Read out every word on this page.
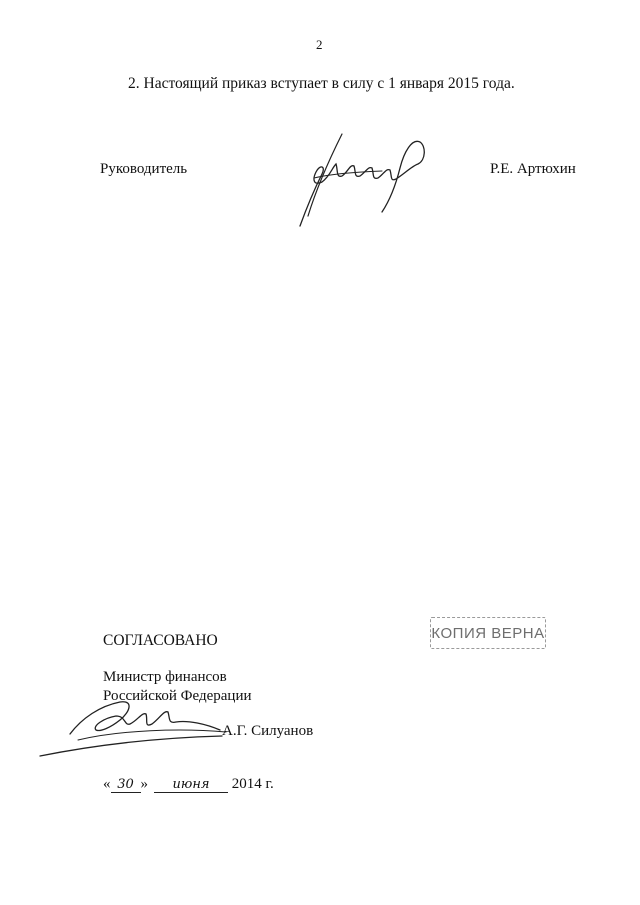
2
2. Настоящий приказ вступает в силу с 1 января 2015 года.
Руководитель	Р.Е. Артюхин
СОГЛАСОВАНО	КОПИЯ ВЕРНА
Министр финансов
Российской Федерации
А.Г. Силуанов
« 30 » июня 2014 г.
